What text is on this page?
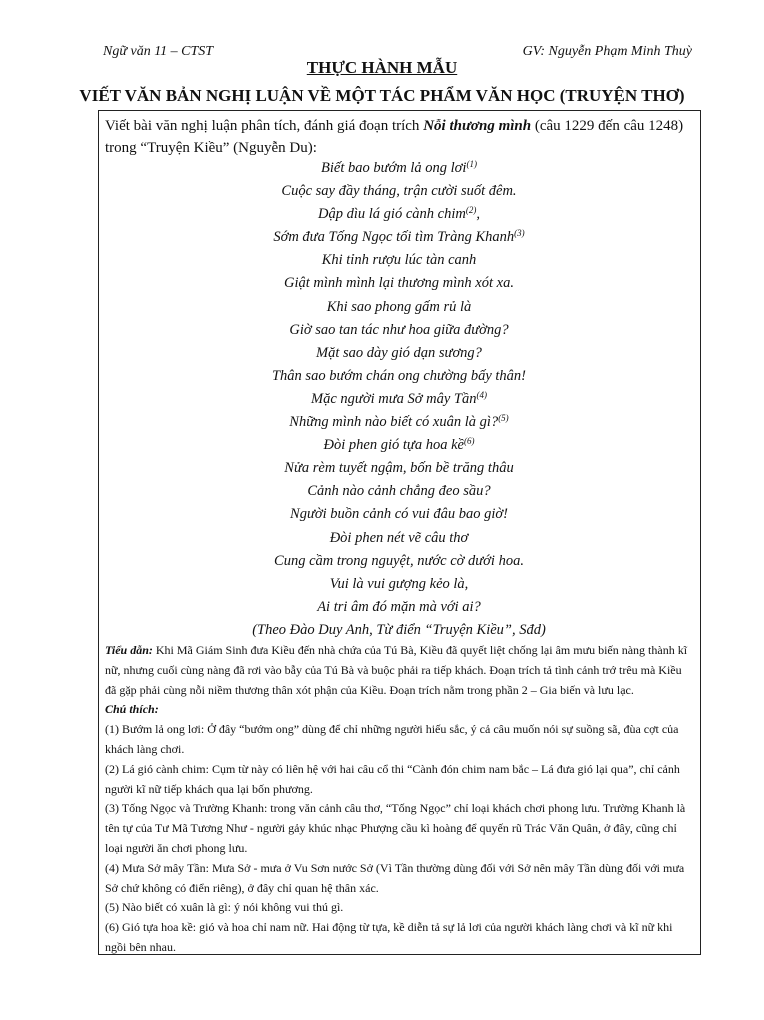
Ngữ văn 11 – CTST	GV: Nguyễn Phạm Minh Thuỳ
THỰC HÀNH MẪU
VIẾT VĂN BẢN NGHỊ LUẬN VỀ MỘT TÁC PHẨM VĂN HỌC (TRUYỆN THƠ)
Viết bài văn nghị luận phân tích, đánh giá đoạn trích Nỗi thương mình (câu 1229 đến câu 1248) trong “Truyện Kiều” (Nguyễn Du):
Biết bao bướm lả ong lơi$^{(1)}$
Cuộc say đầy tháng, trận cười suốt đêm.
Dập dìu lá gió cành chim$^{(2)}$,
Sớm đưa Tống Ngọc tối tìm Tràng Khanh$^{(3)}$
Khi tỉnh rượu lúc tàn canh
Giật mình mình lại thương mình xót xa.
Khi sao phong gấm rủ là
Giờ sao tan tác như hoa giữa đường?
Mặt sao dày gió dạn sương?
Thân sao bướm chán ong chường bấy thân!
Mặc người mưa Sở mây Tần$^{(4)}$
Những mình nào biết có xuân là gì?$^{(5)}$
Đòi phen gió tựa hoa kề$^{(6)}$
Nửa rèm tuyết ngậm, bốn bề trăng thâu
Cảnh nào cảnh chẳng đeo sầu?
Người buồn cảnh có vui đâu bao giờ!
Đòi phen nét vẽ câu thơ
Cung cầm trong nguyệt, nước cờ dưới hoa.
Vui là vui gượng kẻo là,
Ai tri âm đó mặn mà với ai?
(Theo Đào Duy Anh, Từ điển “Truyện Kiều”, Sđd)

Tiểu dẫn: Khi Mã Giám Sinh đưa Kiều đến nhà chứa của Tú Bà, Kiều đã quyết liệt chống lại âm mưu biến nàng thành kĩ nữ, nhưng cuối cùng nàng đã rơi vào bẫy của Tú Bà và buộc phải ra tiếp khách. Đoạn trích tả tình cảnh trớ trêu mà Kiều đã gặp phải cùng nỗi niềm thương thân xót phận của Kiều. Đoạn trích nằm trong phần 2 – Gia biến và lưu lạc.

Chú thích:

(1) Bướm lả ong lơi: Ở đây “bướm ong” dùng để chỉ những người hiếu sắc, ý cả câu muốn nói sự suồng sã, đùa cợt của khách làng chơi.

(2) Lá gió cành chim: Cụm từ này có liên hệ với hai câu cổ thi “Cành đón chim nam bắc – Lá đưa gió lại qua”, chỉ cảnh người kĩ nữ tiếp khách qua lại bốn phương.

(3) Tống Ngọc và Trường Khanh: trong văn cảnh câu thơ, “Tống Ngọc” chỉ loại khách chơi phong lưu. Trường Khanh là tên tự của Tư Mã Tương Như - người gảy khúc nhạc Phượng cầu kì hoàng để quyến rũ Trác Văn Quân, ở đây, cũng chỉ loại người ăn chơi phong lưu.

(4) Mưa Sở mây Tần: Mưa Sở - mưa ở Vu Sơn nước Sở (Vì Tần thường dùng đối với Sở nên mây Tần dùng đối với mưa Sở chứ không có điển riêng), ở đây chỉ quan hệ thân xác.

(5) Nào biết có xuân là gì: ý nói không vui thú gì.

(6) Gió tựa hoa kề: gió và hoa chỉ nam nữ. Hai động từ tựa, kề diễn tả sự lả lơi của người khách làng chơi và kĩ nữ khi ngồi bên nhau.
